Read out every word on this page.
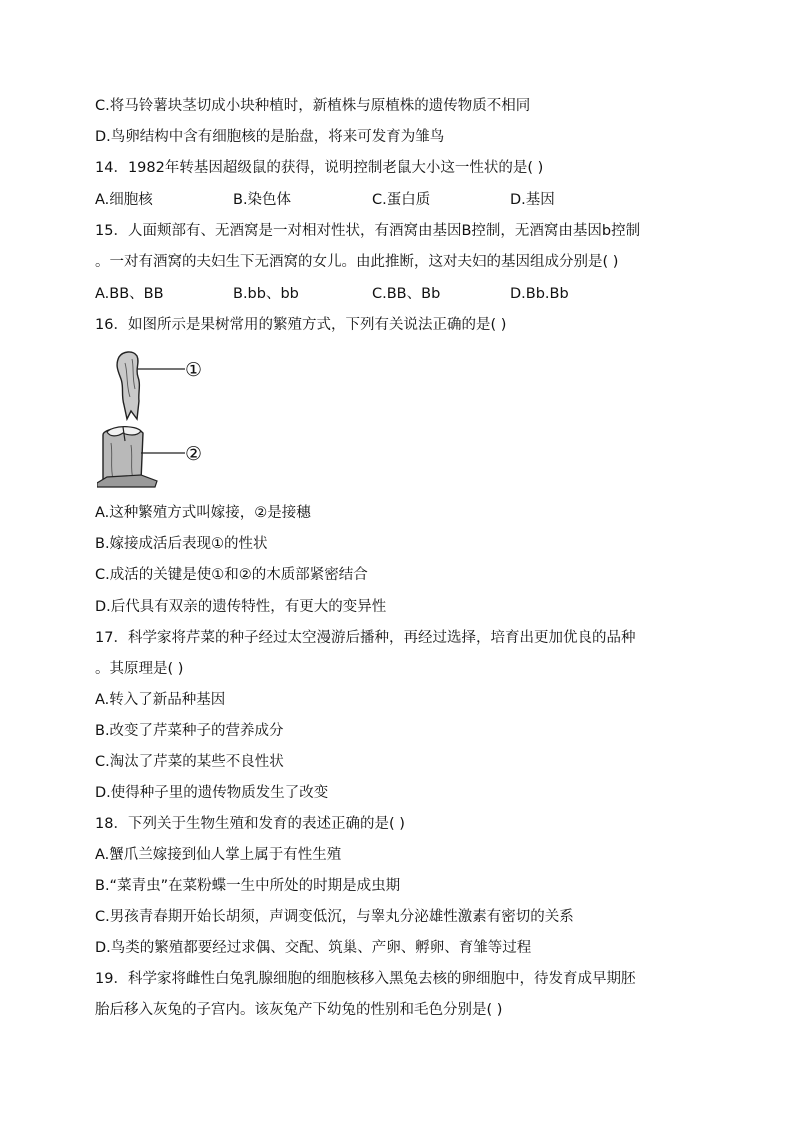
C.将马铃薯块茎切成小块种植时，新植株与原植株的遗传物质不相同
D.鸟卵结构中含有细胞核的是胎盘，将来可发育为雏鸟
14．1982年转基因超级鼠的获得，说明控制老鼠大小这一性状的是( )
A.细胞核	B.染色体	C.蛋白质	D.基因
15．人面颊部有、无酒窝是一对相对性状，有酒窝由基因B控制，无酒窝由基因b控制
。一对有酒窝的夫妇生下无酒窝的女儿。由此推断，这对夫妇的基因组成分别是( )
A.BB、BB	B.bb、bb	C.BB、Bb	D.Bb.Bb
16．如图所示是果树常用的繁殖方式，下列有关说法正确的是( )
①
②
A.这种繁殖方式叫嫁接，②是接穗
B.嫁接成活后表现①的性状
C.成活的关键是使①和②的木质部紧密结合
D.后代具有双亲的遗传特性，有更大的变异性
17．科学家将芹菜的种子经过太空漫游后播种，再经过选择，培育出更加优良的品种
。其原理是( )
A.转入了新品种基因
B.改变了芹菜种子的营养成分
C.淘汰了芹菜的某些不良性状
D.使得种子里的遗传物质发生了改变
18．下列关于生物生殖和发育的表述正确的是( )
A.蟹爪兰嫁接到仙人掌上属于有性生殖
B.“菜青虫”在菜粉蝶一生中所处的时期是成虫期
C.男孩青春期开始长胡须，声调变低沉，与睾丸分泌雄性激素有密切的关系
D.鸟类的繁殖都要经过求偶、交配、筑巢、产卵、孵卵、育雏等过程
19．科学家将雌性白兔乳腺细胞的细胞核移入黑兔去核的卵细胞中，待发育成早期胚
胎后移入灰兔的子宫内。该灰兔产下幼兔的性别和毛色分别是( )
